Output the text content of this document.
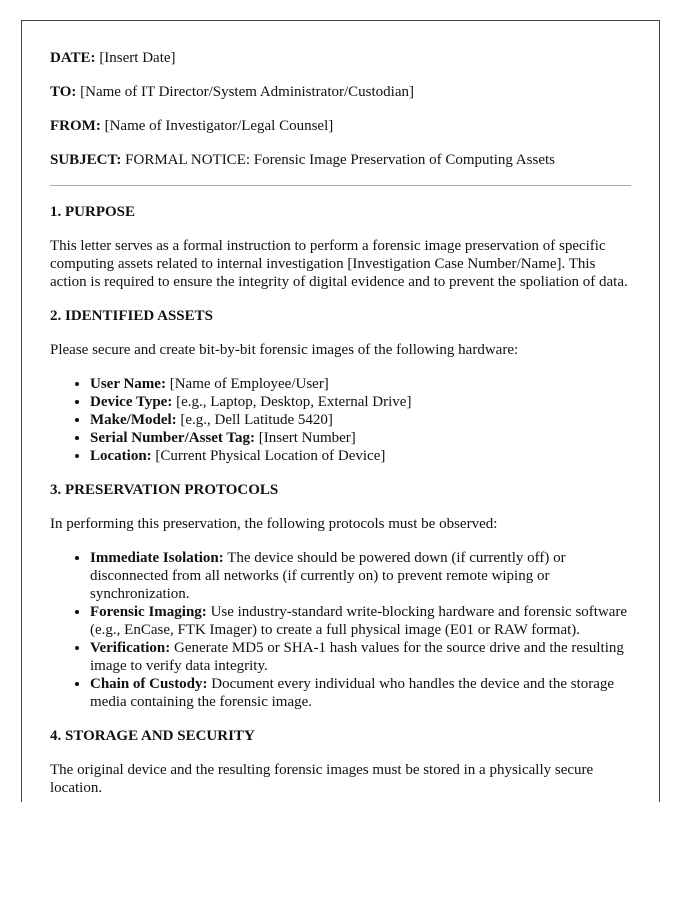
DATE: [Insert Date]

TO: [Name of IT Director/System Administrator/Custodian]

FROM: [Name of Investigator/Legal Counsel]

SUBJECT: FORMAL NOTICE: Forensic Image Preservation of Computing Assets

1. PURPOSE

This letter serves as a formal instruction to perform a forensic image preservation of specific computing assets related to internal investigation [Investigation Case Number/Name]. This action is required to ensure the integrity of digital evidence and to prevent the spoliation of data.

2. IDENTIFIED ASSETS

Please secure and create bit-by-bit forensic images of the following hardware:

• User Name: [Name of Employee/User]
• Device Type: [e.g., Laptop, Desktop, External Drive]
• Make/Model: [e.g., Dell Latitude 5420]
• Serial Number/Asset Tag: [Insert Number]
• Location: [Current Physical Location of Device]
3. PRESERVATION PROTOCOLS

In performing this preservation, the following protocols must be observed:

• Immediate Isolation: The device should be powered down (if currently off) or disconnected from all networks (if currently on) to prevent remote wiping or synchronization.
• Forensic Imaging: Use industry-standard write-blocking hardware and forensic software (e.g., EnCase, FTK Imager) to create a full physical image (E01 or RAW format).
• Verification: Generate MD5 or SHA-1 hash values for the source drive and the resulting image to verify data integrity.
• Chain of Custody: Document every individual who handles the device and the storage media containing the forensic image.
4. STORAGE AND SECURITY

The original device and the resulting forensic images must be stored in a physically secure location.
